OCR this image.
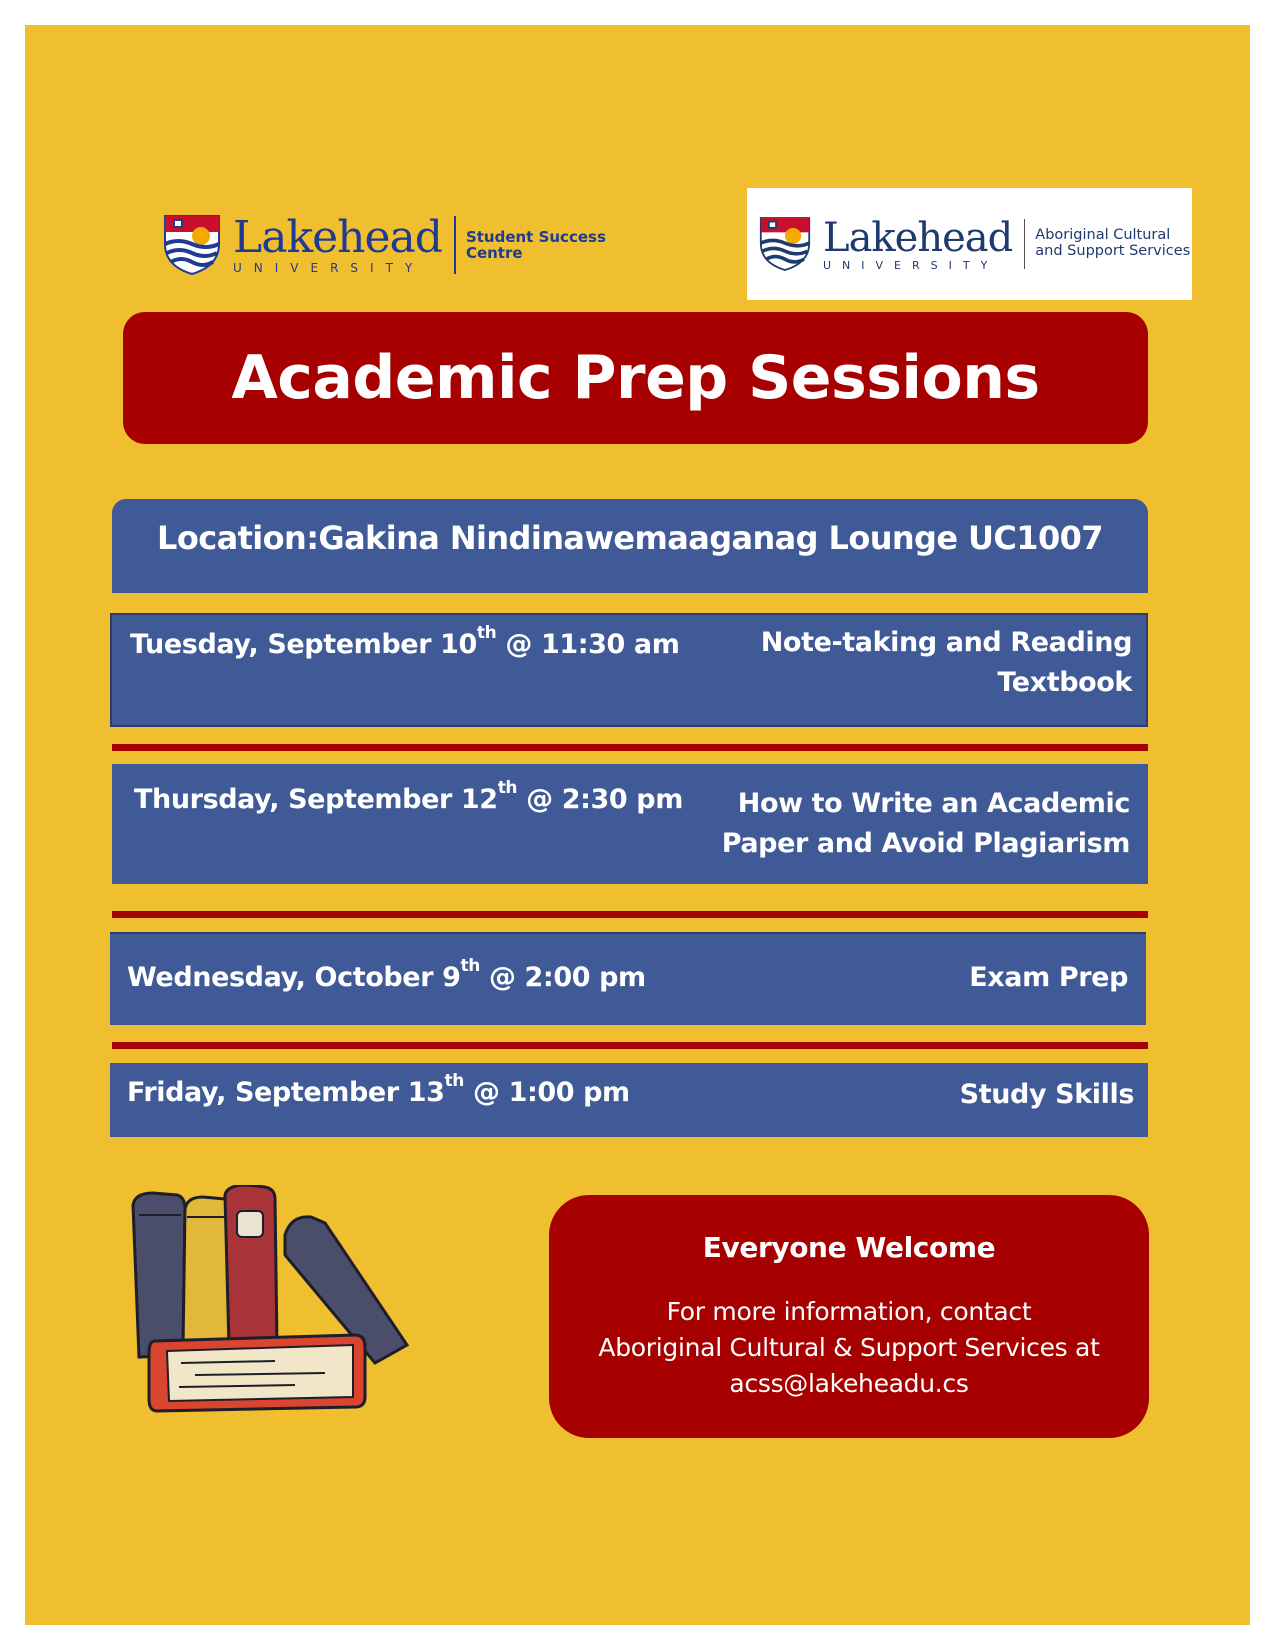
Lakehead
UNIVERSITY
Student Success Centre	Lakehead
UNIVERSITY
Aboriginal Cultural and Support Services
Academic Prep Sessions
Location:Gakina Nindinawemaaganag Lounge UC1007
Tuesday, September 10th @ 11:30 am	Note-taking and Reading Textbook
Thursday, September 12th @ 2:30 pm	How to Write an Academic Paper and Avoid Plagiarism
Wednesday, October 9th @ 2:00 pm	Exam Prep
Friday, September 13th @ 1:00 pm	Study Skills
Everyone Welcome
For more information, contact
Aboriginal Cultural & Support Services at
acss@lakeheadu.cs
